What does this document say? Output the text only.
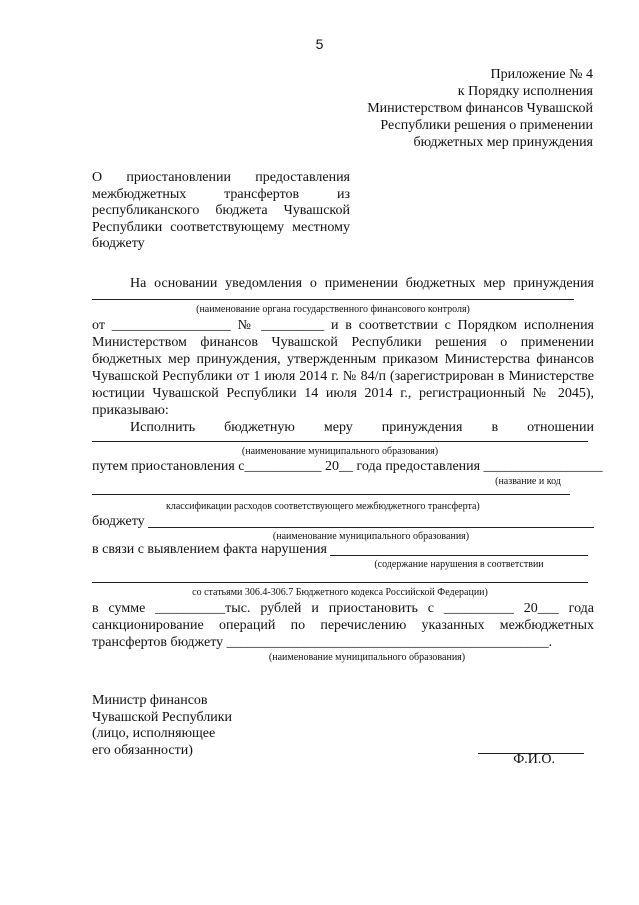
5
Приложение № 4
к Порядку исполнения
Министерством финансов Чувашской
Республики решения о применении
бюджетных мер принуждения
О приостановлении предоставления
межбюджетных трансфертов из
республиканского бюджета Чувашской
Республики соответствующему местному
бюджету
На основании уведомления о применении бюджетных мер принуждения
(наименование органа государственного финансового контроля)
от _________________ № _________ и в соответствии с Порядком исполнения
Министерством финансов Чувашской Республики решения о применении
бюджетных мер принуждения, утвержденным приказом Министерства финансов
Чувашской Республики от 1 июля 2014 г. № 84/п (зарегистрирован в Министерстве
юстиции Чувашской Республики 14 июля 2014 г., регистрационный № 2045),
приказываю:
Исполнить бюджетную меру принуждения в отношении
(наименование муниципального образования)
путем приостановления с___________ 20__ года предоставления _________________
(название и код
классификации расходов соответствующего межбюджетного трансферта)
бюджету
(наименование муниципального образования)
в связи с выявлением факта нарушения
(содержание нарушения в соответствии
со статьями 306.4-306.7 Бюджетного кодекса Российской Федерации)
в сумме __________тыс. рублей и приостановить с __________ 20___ года
санкционирование операций по перечислению указанных межбюджетных
трансфертов бюджету ______________________________________________.
(наименование муниципального образования)
Министр финансов
Чувашской Республики
(лицо, исполняющее
его обязанности)
Ф.И.О.
